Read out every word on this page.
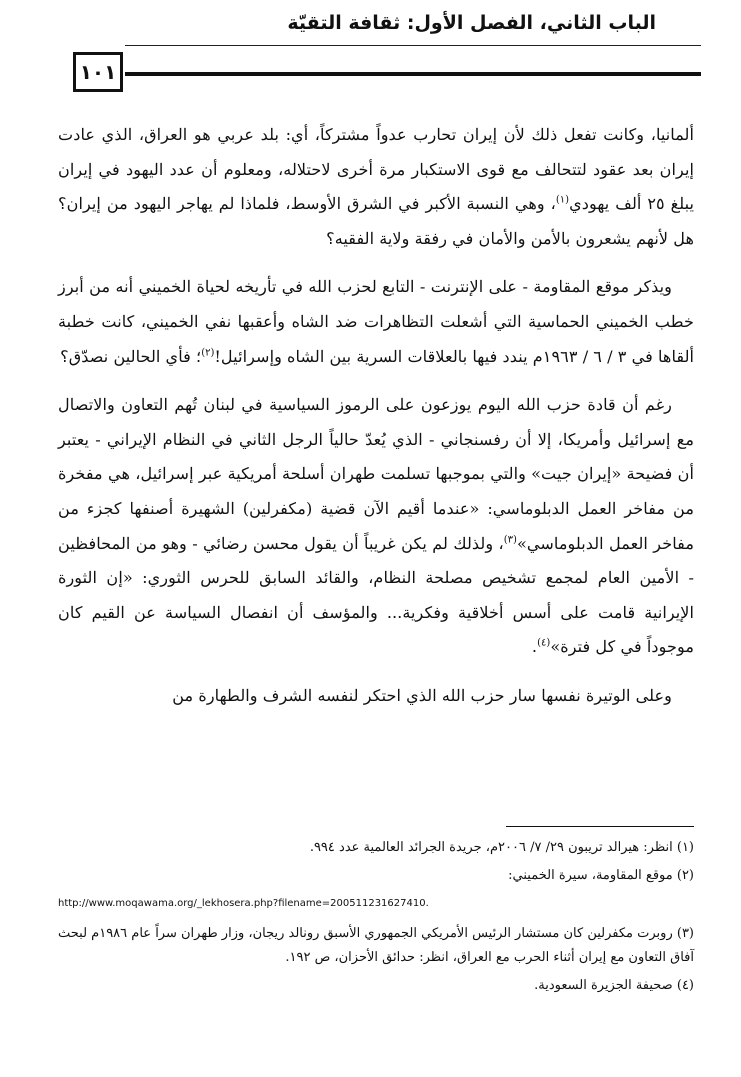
الباب الثاني، الفصل الأول: ثقافة التقيّة
١٠١

ألمانيا، وكانت تفعل ذلك لأن إيران تحارب عدواً مشتركاً، أي: بلد عربي هو العراق، الذي عادت إيران بعد عقود لتتحالف مع قوى الاستكبار مرة أخرى لاحتلاله، ومعلوم أن عدد اليهود في إيران يبلغ ٢٥ ألف يهودي$^{(١)}$، وهي النسبة الأكبر في الشرق الأوسط، فلماذا لم يهاجر اليهود من إيران؟ هل لأنهم يشعرون بالأمن والأمان في رفقة ولاية الفقيه؟

ويذكر موقع المقاومة - على الإنترنت - التابع لحزب الله في تأريخه لحياة الخميني أنه من أبرز خطب الخميني الحماسية التي أشعلت التظاهرات ضد الشاه وأعقبها نفي الخميني، كانت خطبة ألقاها في ٣ / ٦ / ١٩٦٣م يندد فيها بالعلاقات السرية بين الشاه وإسرائيل!$^{(٢)}$؛ فأي الحالين نصدّق؟

رغم أن قادة حزب الله اليوم يوزعون على الرموز السياسية في لبنان تُهم التعاون والاتصال مع إسرائيل وأمريكا، إلا أن رفسنجاني - الذي يُعدّ حالياً الرجل الثاني في النظام الإيراني - يعتبر أن فضيحة «إيران جيت» والتي بموجبها تسلمت طهران أسلحة أمريكية عبر إسرائيل، هي مفخرة من مفاخر العمل الدبلوماسي: «عندما أقيم الآن قضية (مكفرلين) الشهيرة أصنفها كجزء من مفاخر العمل الدبلوماسي»$^{(٣)}$، ولذلك لم يكن غريباً أن يقول محسن رضائي - وهو من المحافظين - الأمين العام لمجمع تشخيص مصلحة النظام، والقائد السابق للحرس الثوري: «إن الثورة الإيرانية قامت على أسس أخلاقية وفكرية... والمؤسف أن انفصال السياسة عن القيم كان موجوداً في كل فترة»$^{(٤)}$.

وعلى الوتيرة نفسها سار حزب الله الذي احتكر لنفسه الشرف والطهارة من

(١) انظر: هيرالد تريبون ٢٩/ ٧/ ٢٠٠٦م، جريدة الجرائد العالمية عدد ٩٩٤.
(٢) موقع المقاومة، سيرة الخميني:
http://www.moqawama.org/_lekhosera.php?filename=200511231627410.
(٣) روبرت مكفرلين كان مستشار الرئيس الأمريكي الجمهوري الأسبق رونالد ريجان، وزار طهران سراً عام ١٩٨٦م لبحث آفاق التعاون مع إيران أثناء الحرب مع العراق، انظر: حدائق الأحزان، ص ١٩٢.
(٤) صحيفة الجزيرة السعودية.
